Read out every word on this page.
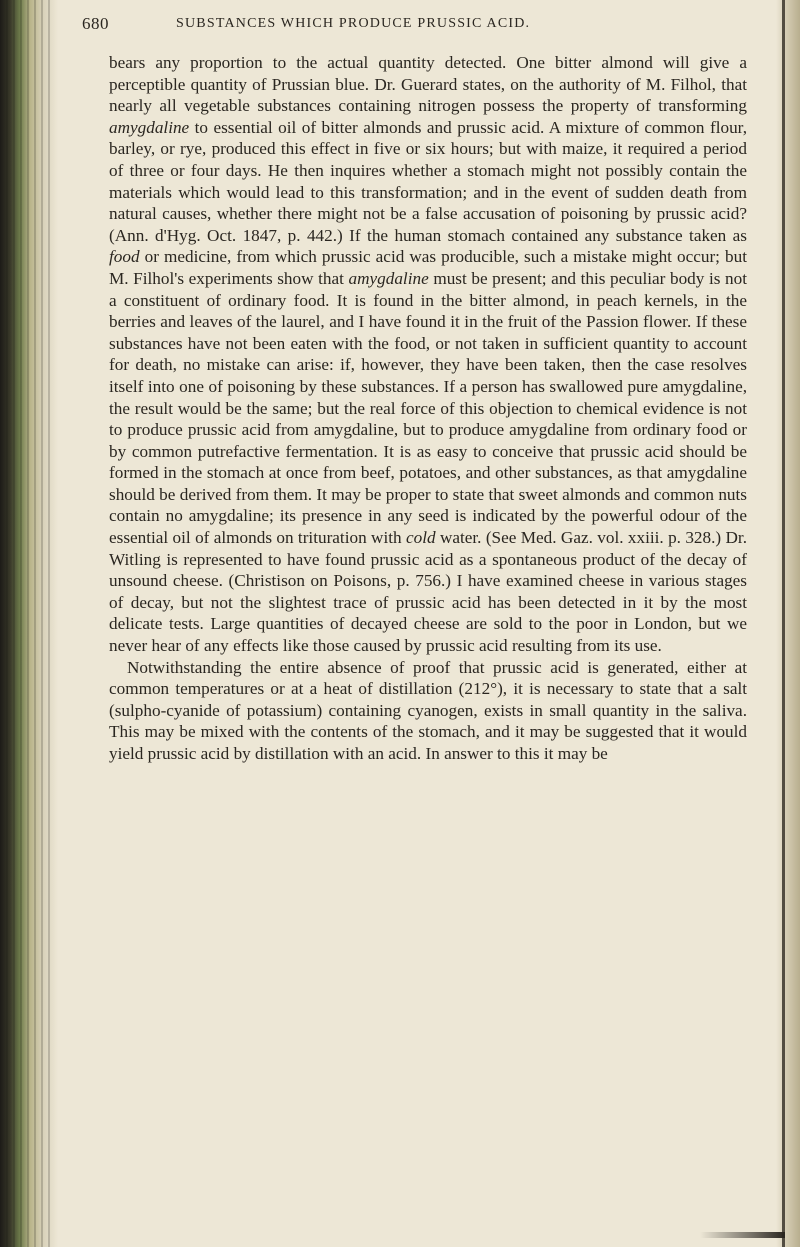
680	SUBSTANCES WHICH PRODUCE PRUSSIC ACID.

bears any proportion to the actual quantity detected. One bitter almond will give a perceptible quantity of Prussian blue. Dr. Guerard states, on the authority of M. Filhol, that nearly all vegetable substances containing nitrogen possess the property of transforming amygdaline to essential oil of bitter almonds and prussic acid. A mixture of common flour, barley, or rye, produced this effect in five or six hours; but with maize, it required a period of three or four days. He then inquires whether a stomach might not possibly contain the materials which would lead to this transformation; and in the event of sudden death from natural causes, whether there might not be a false accusation of poisoning by prussic acid? (Ann. d'Hyg. Oct. 1847, p. 442.) If the human stomach contained any substance taken as food or medicine, from which prussic acid was producible, such a mistake might occur; but M. Filhol's experiments show that amygdaline must be present; and this peculiar body is not a constituent of ordinary food. It is found in the bitter almond, in peach kernels, in the berries and leaves of the laurel, and I have found it in the fruit of the Passion flower. If these substances have not been eaten with the food, or not taken in sufficient quantity to account for death, no mistake can arise: if, however, they have been taken, then the case resolves itself into one of poisoning by these substances. If a person has swallowed pure amygdaline, the result would be the same; but the real force of this objection to chemical evidence is not to produce prussic acid from amygdaline, but to produce amygdaline from ordinary food or by common putrefactive fermentation. It is as easy to conceive that prussic acid should be formed in the stomach at once from beef, potatoes, and other substances, as that amygdaline should be derived from them. It may be proper to state that sweet almonds and common nuts contain no amygdaline; its presence in any seed is indicated by the powerful odour of the essential oil of almonds on trituration with cold water. (See Med. Gaz. vol. xxiii. p. 328.) Dr. Witling is represented to have found prussic acid as a spontaneous product of the decay of unsound cheese. (Christison on Poisons, p. 756.) I have examined cheese in various stages of decay, but not the slightest trace of prussic acid has been detected in it by the most delicate tests. Large quantities of decayed cheese are sold to the poor in London, but we never hear of any effects like those caused by prussic acid resulting from its use.

Notwithstanding the entire absence of proof that prussic acid is generated, either at common temperatures or at a heat of distillation (212°), it is necessary to state that a salt (sulpho-cyanide of potassium) containing cyanogen, exists in small quantity in the saliva. This may be mixed with the contents of the stomach, and it may be suggested that it would yield prussic acid by distillation with an acid. In answer to this it may be
